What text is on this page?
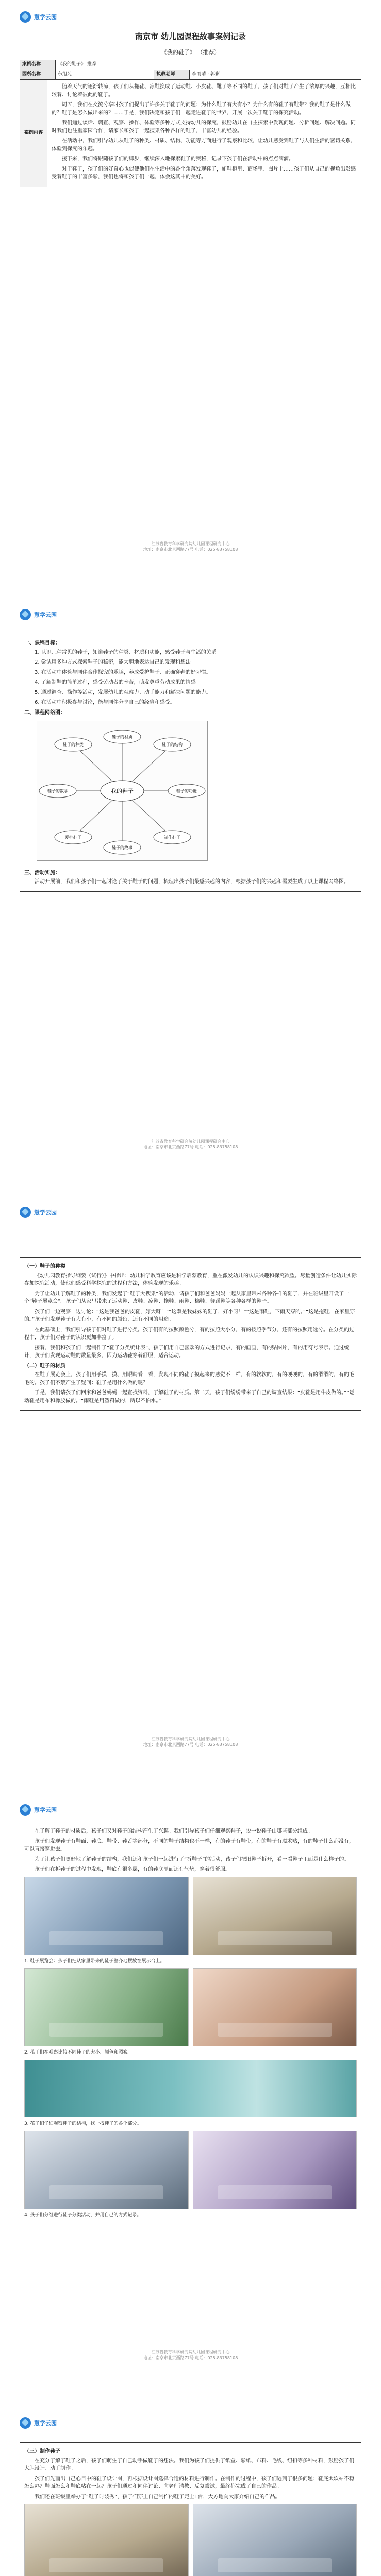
慧学云园
南京市 幼儿园课程故事案例记录
《我的鞋子》 （推荐）
案例名称	《我的鞋子》 推荐		
园所名称	东旭苑	执教老师	李雨晴 · 郭彩
案例内容

随着天气的逐渐转凉，孩子们从拖鞋、凉鞋换成了运动鞋、小皮鞋、靴子等不同的鞋子，孩子们对鞋子产生了浓厚的兴趣，互相比较着、讨论着彼此的鞋子。

周五，我们在交流分享时孩子们提出了许多关于鞋子的问题：为什么鞋子有大有小？为什么有的鞋子有鞋带？我的鞋子是什么做的？鞋子是怎么做出来的？……于是，我们决定和孩子们一起走进鞋子的世界，开展一次关于鞋子的探究活动。

我们通过谈话、调查、观察、操作、体验等多种方式支持幼儿的探究，鼓励幼儿在自主探索中发现问题、分析问题、解决问题。同时我们也注重家园合作，请家长和孩子一起搜集各种各样的鞋子，丰富幼儿的经验。

在活动中，我们引导幼儿从鞋子的种类、材质、结构、功能等方面进行了观察和比较，让幼儿感受到鞋子与人们生活的密切关系，体验到探究的乐趣。

接下来，我们将跟随孩子们的脚步，继续深入地探索鞋子的奥秘，记录下孩子们在活动中的点点滴滴。

对于鞋子，孩子们的好奇心也促使他们在生活中的各个角落发现鞋子，如鞋柜里、商场里、图片上……孩子们从自己的视角出发感受着鞋子的丰富多彩，我们也将和孩子们一起，体会这其中的美好。

江苏省教育科学研究院幼儿园课程研究中心
地址：南京市北京西路77号 电话：025-83758108
慧学云园
一、课程目标：

1. 认识几种常见的鞋子，知道鞋子的种类、材质和功能，感受鞋子与生活的关系。

2. 尝试用多种方式探索鞋子的秘密，能大胆地表达自己的发现和想法。

3. 在活动中体验与同伴合作探究的乐趣，养成爱护鞋子、正确穿鞋的好习惯。

4. 了解制鞋的简单过程，感受劳动者的辛苦，萌发尊重劳动成果的情感。

5. 通过调查、操作等活动，发展幼儿的观察力、动手能力和解决问题的能力。

6. 在活动中积极参与讨论，能与同伴分享自己的经验和感受。

二、课程网络图：
我的鞋子
鞋子的种类
鞋子的材质
鞋子的结构
鞋子的功能
制作鞋子
鞋子的故事
爱护鞋子
鞋子的数学
三、活动实施：

活动开展前，我们和孩子们一起讨论了关于鞋子的问题，梳理出孩子们最感兴趣的内容，根据孩子们的兴趣和需要生成了以上课程网络图。

江苏省教育科学研究院幼儿园课程研究中心
地址：南京市北京西路77号 电话：025-83758108
慧学云园
（一）鞋子的种类

《幼儿园教育指导纲要（试行）》中指出：幼儿科学教育应该是科学启蒙教育，重在激发幼儿的认识兴趣和探究欲望。尽量创造条件让幼儿实际参加探究活动，使他们感受科学探究的过程和方法，体验发现的乐趣。

为了让幼儿了解鞋子的种类，我们发起了“鞋子大搜集”的活动，请孩子们和爸爸妈妈一起从家里带来各种各样的鞋子，并在班级里开设了一个“鞋子展览会”。孩子们从家里带来了运动鞋、皮鞋、凉鞋、拖鞋、雨鞋、棉鞋、舞蹈鞋等各种各样的鞋子。

孩子们一边观察一边讨论：“这是我爸爸的皮鞋，好大呀！”“这双是我妹妹的鞋子，好小呀！”“这是雨鞋，下雨天穿的。”“这是拖鞋，在家里穿的。”孩子们发现鞋子有大有小，有不同的颜色，还有不同的用途。

在此基础上，我们引导孩子们对鞋子进行分类。孩子们有的按照颜色分，有的按照大小分，有的按照季节分，还有的按照用途分。在分类的过程中，孩子们对鞋子的认识更加丰富了。

接着，我们和孩子们一起制作了“鞋子分类统计表”，孩子们用自己喜欢的方式进行记录，有的画画，有的贴图片，有的用符号表示。通过统计，孩子们发现运动鞋的数量最多，因为运动鞋穿着舒服，适合运动。

（二）鞋子的材质

在鞋子展览会上，孩子们用手摸一摸、用眼睛看一看，发现不同的鞋子摸起来的感觉不一样，有的软软的，有的硬硬的，有的滑滑的，有的毛毛的。孩子们不禁产生了疑问：鞋子是用什么做的呢？

于是，我们请孩子们回家和爸爸妈妈一起查找资料，了解鞋子的材质。第二天，孩子们纷纷带来了自己的调查结果：“皮鞋是用牛皮做的。”“运动鞋是用布和橡胶做的。”“雨鞋是用塑料做的，所以不怕水。”

江苏省教育科学研究院幼儿园课程研究中心
地址：南京市北京西路77号 电话：025-83758108
慧学云园

在了解了鞋子的材质后，孩子们又对鞋子的结构产生了兴趣。我们引导孩子们仔细观察鞋子，说一说鞋子由哪些部分组成。

孩子们发现鞋子有鞋面、鞋底、鞋带、鞋舌等部分，不同的鞋子结构也不一样，有的鞋子有鞋带，有的鞋子有魔术贴，有的鞋子什么都没有，可以直接穿进去。

为了让孩子们更好地了解鞋子的结构，我们还和孩子们一起进行了“拆鞋子”的活动，孩子们把旧鞋子拆开，看一看鞋子里面是什么样子的。

孩子们在拆鞋子的过程中发现，鞋底有很多层，有的鞋底里面还有气垫，穿着很舒服。

1. 鞋子展览会：孩子们把从家里带来的鞋子整齐地摆放在展示台上。

2. 孩子们在观察比较不同鞋子的大小、颜色和图案。

3. 孩子们仔细观察鞋子的结构，找一找鞋子的各个部分。

4. 孩子们分组进行鞋子分类活动，并用自己的方式记录。

江苏省教育科学研究院幼儿园课程研究中心
地址：南京市北京西路77号 电话：025-83758108
慧学云园
（三）制作鞋子

在充分了解了鞋子之后，孩子们萌生了自己动手做鞋子的想法。我们为孩子们提供了纸盒、彩纸、布料、毛线、纽扣等多种材料，鼓励孩子们大胆设计、动手制作。

孩子们先画出自己心目中的鞋子设计图，再根据设计图选择合适的材料进行制作。在制作的过程中，孩子们遇到了很多问题：鞋底太软站不稳怎么办？鞋面怎么和鞋底粘在一起？孩子们通过和同伴讨论、向老师请教、反复尝试，最终都完成了自己的作品。

我们还在班级里举办了“鞋子时装秀”，孩子们穿上自己制作的鞋子走上T台，大方地向大家介绍自己的作品。
